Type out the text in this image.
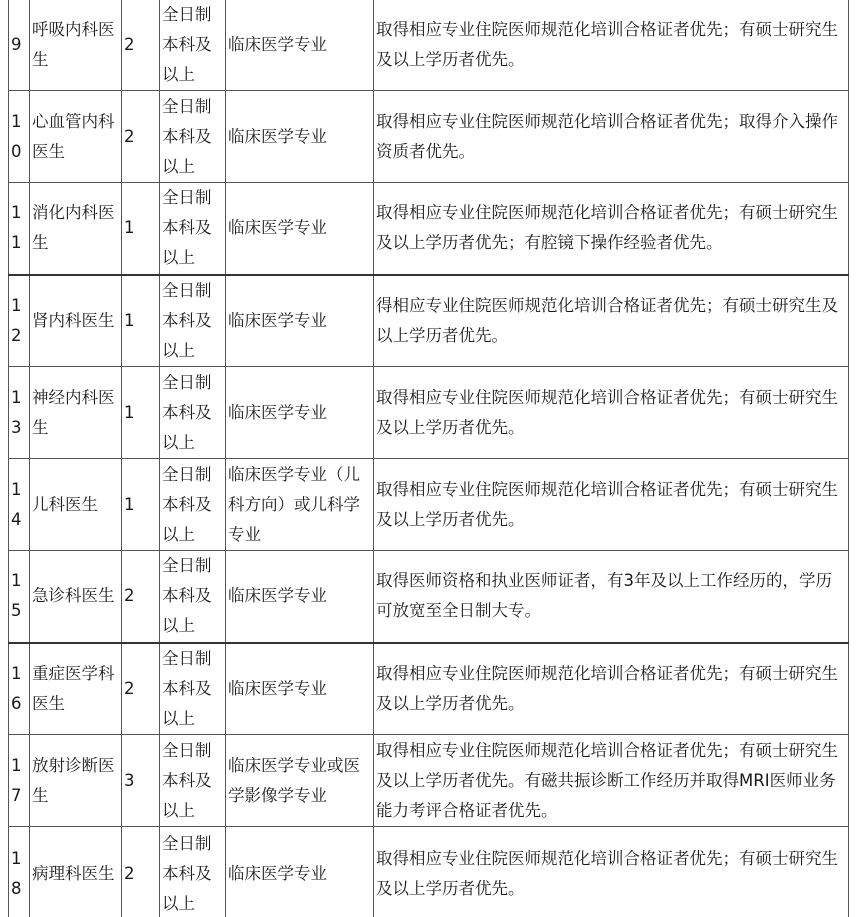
9	呼吸内科医生	2	全日制本科及以上	临床医学专业	取得相应专业住院医师规范化培训合格证者优先；有硕士研究生及以上学历者优先。
10	心血管内科医生	2	全日制本科及以上	临床医学专业	取得相应专业住院医师规范化培训合格证者优先；取得介入操作资质者优先。
11	消化内科医生	1	全日制本科及以上	临床医学专业	取得相应专业住院医师规范化培训合格证者优先；有硕士研究生及以上学历者优先；有腔镜下操作经验者优先。
12	肾内科医生	1	全日制本科及以上	临床医学专业	得相应专业住院医师规范化培训合格证者优先；有硕士研究生及以上学历者优先。
13	神经内科医生	1	全日制本科及以上	临床医学专业	取得相应专业住院医师规范化培训合格证者优先；有硕士研究生及以上学历者优先。
14	儿科医生	1	全日制本科及以上	临床医学专业（儿科方向）或儿科学专业	取得相应专业住院医师规范化培训合格证者优先；有硕士研究生及以上学历者优先。
15	急诊科医生	2	全日制本科及以上	临床医学专业	取得医师资格和执业医师证者，有3年及以上工作经历的，学历可放宽至全日制大专。
16	重症医学科医生	2	全日制本科及以上	临床医学专业	取得相应专业住院医师规范化培训合格证者优先；有硕士研究生及以上学历者优先。
17	放射诊断医生	3	全日制本科及以上	临床医学专业或医学影像学专业	取得相应专业住院医师规范化培训合格证者优先；有硕士研究生及以上学历者优先。有磁共振诊断工作经历并取得MRI医师业务能力考评合格证者优先。
18	病理科医生	2	全日制本科及以上	临床医学专业	取得相应专业住院医师规范化培训合格证者优先；有硕士研究生及以上学历者优先。
